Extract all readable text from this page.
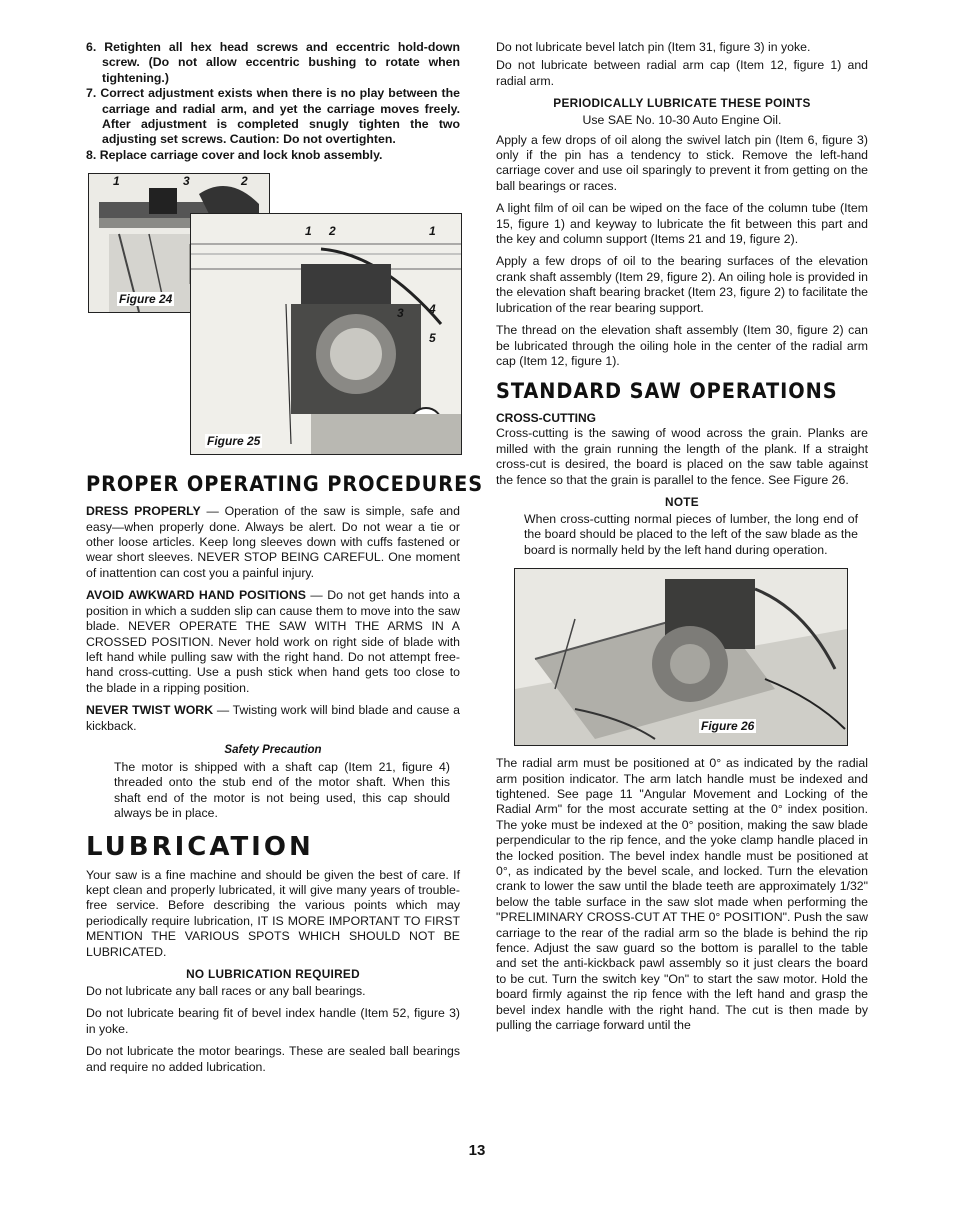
6. Retighten all hex head screws and eccentric hold-down screw. (Do not allow eccentric bushing to rotate when tightening.)
7. Correct adjustment exists when there is no play between the carriage and radial arm, and yet the carriage moves freely. After adjustment is completed snugly tighten the two adjusting set screws. Caution: Do not overtighten.
8. Replace carriage cover and lock knob assembly.
1	3	2
Figure 24
1 2	1
3 4
5
Figure 25
PROPER OPERATING PROCEDURES

DRESS PROPERLY — Operation of the saw is simple, safe and easy—when properly done. Always be alert. Do not wear a tie or other loose articles. Keep long sleeves down with cuffs fastened or wear short sleeves. NEVER STOP BEING CAREFUL. One moment of inattention can cost you a painful injury.

AVOID AWKWARD HAND POSITIONS — Do not get hands into a position in which a sudden slip can cause them to move into the saw blade. NEVER OPERATE THE SAW WITH THE ARMS IN A CROSSED POSITION. Never hold work on right side of blade with left hand while pulling saw with the right hand. Do not attempt free-hand cross-cutting. Use a push stick when hand gets too close to the blade in a ripping position.

NEVER TWIST WORK — Twisting work will bind blade and cause a kickback.

Safety Precaution

The motor is shipped with a shaft cap (Item 21, figure 4) threaded onto the stub end of the motor shaft. When this shaft end of the motor is not being used, this cap should always be in place.

LUBRICATION

Your saw is a fine machine and should be given the best of care. If kept clean and properly lubricated, it will give many years of trouble-free service. Before describing the various points which may periodically require lubrication, IT IS MORE IMPORTANT TO FIRST MENTION THE VARIOUS SPOTS WHICH SHOULD NOT BE LUBRICATED.

NO LUBRICATION REQUIRED

Do not lubricate any ball races or any ball bearings.

Do not lubricate bearing fit of bevel index handle (Item 52, figure 3) in yoke.

Do not lubricate the motor bearings. These are sealed ball bearings and require no added lubrication.

Do not lubricate bevel latch pin (Item 31, figure 3) in yoke.

Do not lubricate between radial arm cap (Item 12, figure 1) and radial arm.

PERIODICALLY LUBRICATE THESE POINTS

Use SAE No. 10-30 Auto Engine Oil.

Apply a few drops of oil along the swivel latch pin (Item 6, figure 3) only if the pin has a tendency to stick. Remove the left-hand carriage cover and use oil sparingly to prevent it from getting on the ball bearings or races.

A light film of oil can be wiped on the face of the column tube (Item 15, figure 1) and keyway to lubricate the fit between this part and the key and column support (Items 21 and 19, figure 2).

Apply a few drops of oil to the bearing surfaces of the elevation crank shaft assembly (Item 29, figure 2). An oiling hole is provided in the elevation shaft bearing bracket (Item 23, figure 2) to facilitate the lubrication of the rear bearing support.

The thread on the elevation shaft assembly (Item 30, figure 2) can be lubricated through the oiling hole in the center of the radial arm cap (Item 12, figure 1).

STANDARD SAW OPERATIONS
CROSS-CUTTING

Cross-cutting is the sawing of wood across the grain. Planks are milled with the grain running the length of the plank. If a straight cross-cut is desired, the board is placed on the saw table against the fence so that the grain is parallel to the fence. See Figure 26.

NOTE

When cross-cutting normal pieces of lumber, the long end of the board should be placed to the left of the saw blade as the board is normally held by the left hand during operation.

Figure 26

The radial arm must be positioned at 0° as indicated by the radial arm position indicator. The arm latch handle must be indexed and tightened. See page 11 "Angular Movement and Locking of the Radial Arm" for the most accurate setting at the 0° index position. The yoke must be indexed at the 0° position, making the saw blade perpendicular to the rip fence, and the yoke clamp handle placed in the locked position. The bevel index handle must be positioned at 0°, as indicated by the bevel scale, and locked. Turn the elevation crank to lower the saw until the blade teeth are approximately 1/32" below the table surface in the saw slot made when performing the "PRELIMINARY CROSS-CUT AT THE 0° POSITION". Push the saw carriage to the rear of the radial arm so the blade is behind the rip fence. Adjust the saw guard so the bottom is parallel to the table and set the anti-kickback pawl assembly so it just clears the board to be cut. Turn the switch key "On" to start the saw motor. Hold the board firmly against the rip fence with the left hand and grasp the bevel index handle with the right hand. The cut is then made by pulling the carriage forward until the

13
